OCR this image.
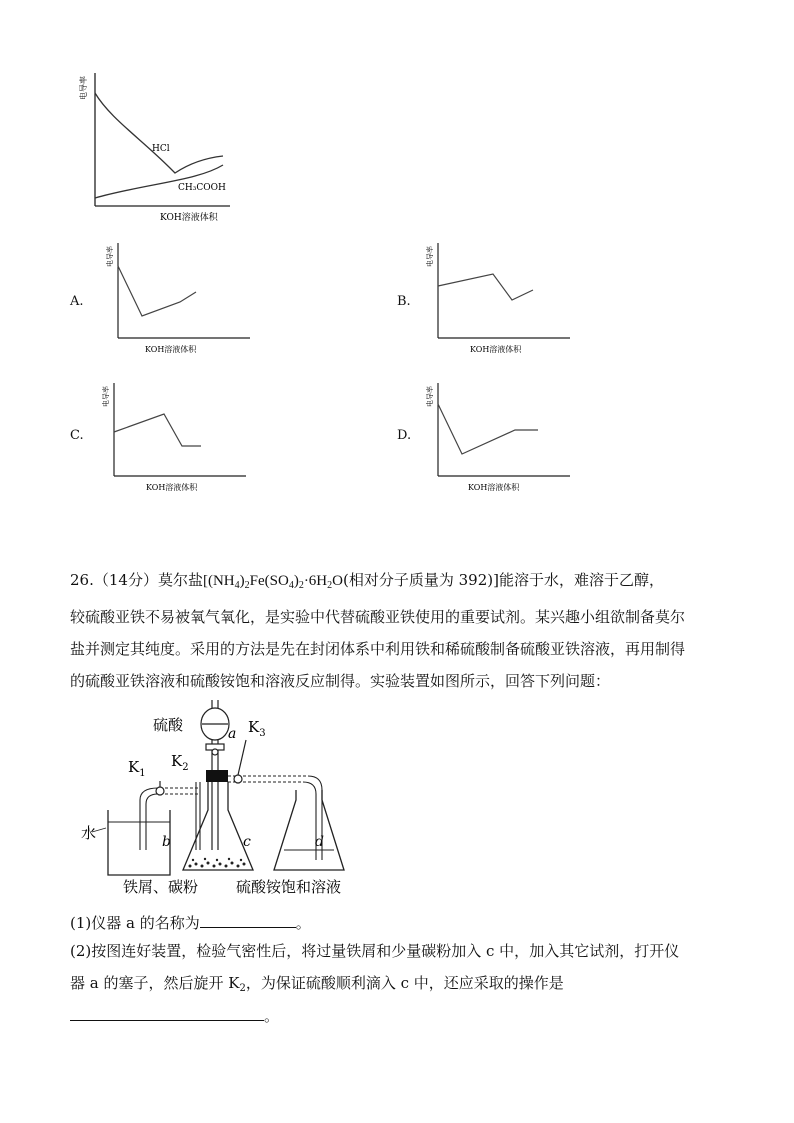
电导率
HCl
CH₃COOH
KOH溶液体积
A.
电导率
KOH溶液体积
B.
电导率
KOH溶液体积
C.
电导率
KOH溶液体积
D.
电导率
KOH溶液体积
26.（14分）莫尔盐[$(NH_4)_2Fe(SO_4)_2\cdot 6H_2O$(相对分子质量为 392)]能溶于水，难溶于乙醇，
较硫酸亚铁不易被氧气氧化，是实验中代替硫酸亚铁使用的重要试剂。某兴趣小组欲制备莫尔
盐并测定其纯度。采用的方法是先在封闭体系中利用铁和稀硫酸制备硫酸亚铁溶液，再用制得
的硫酸亚铁溶液和硫酸铵饱和溶液反应制得。实验装置如图所示，回答下列问题：
硫酸	$K_3$
a
$K_2$
$K_1$
水	b	c	d
铁屑、碳粉	硫酸铵饱和溶液
(1)仪器 a 的名称为	。
(2)按图连好装置，检验气密性后，将过量铁屑和少量碳粉加入 c 中，加入其它试剂，打开仪
器 a 的塞子，然后旋开 $K_2$，为保证硫酸顺利滴入 c 中，还应采取的操作是
。
